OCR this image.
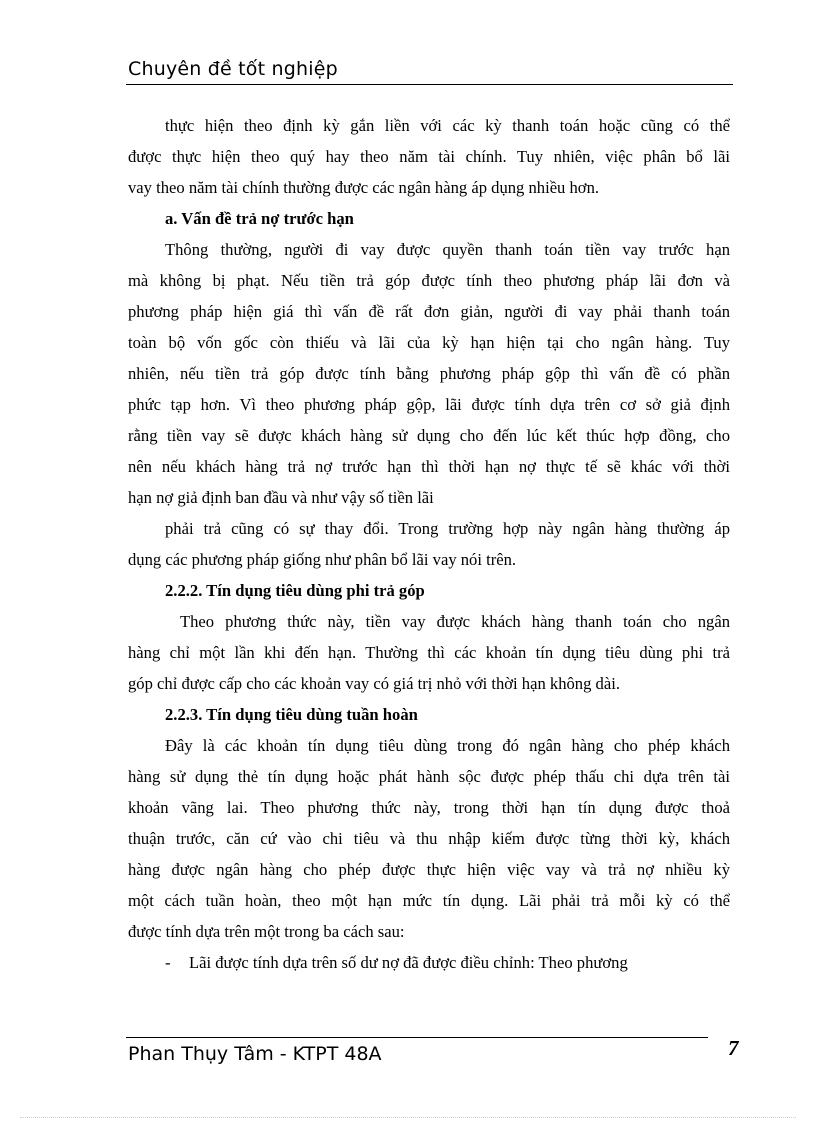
Chuyên đề tốt nghiệp
thực hiện theo định kỳ gắn liền với các kỳ thanh toán hoặc cũng có thể
được thực hiện theo quý hay theo năm tài chính. Tuy nhiên, việc phân bổ lãi
vay theo năm tài chính thường được các ngân hàng áp dụng nhiều hơn.
a. Vấn đề trả nợ trước hạn
Thông thường, người đi vay được quyền thanh toán tiền vay trước hạn
mà không bị phạt. Nếu tiền trả góp được tính theo phương pháp lãi đơn và
phương pháp hiện giá thì vấn đề rất đơn giản, người đi vay phải thanh toán
toàn bộ vốn gốc còn thiếu và lãi của kỳ hạn hiện tại cho ngân hàng. Tuy
nhiên, nếu tiền trả góp được tính bằng phương pháp gộp thì vấn đề có phần
phức tạp hơn. Vì theo phương pháp gộp, lãi được tính dựa trên cơ sở giả định
rằng tiền vay sẽ được khách hàng sử dụng cho đến lúc kết thúc hợp đồng, cho
nên nếu khách hàng trả nợ trước hạn thì thời hạn nợ thực tế sẽ khác với thời
hạn nợ giả định ban đầu và như vậy số tiền lãi
phải trả cũng có sự thay đổi. Trong trường hợp này ngân hàng thường áp
dụng các phương pháp giống như phân bổ lãi vay nói trên.
2.2.2. Tín dụng tiêu dùng phi trả góp
Theo phương thức này, tiền vay được khách hàng thanh toán cho ngân
hàng chỉ một lần khi đến hạn. Thường thì các khoản tín dụng tiêu dùng phi trả
góp chỉ được cấp cho các khoản vay có giá trị nhỏ với thời hạn không dài.
2.2.3. Tín dụng tiêu dùng tuần hoàn
Đây là các khoản tín dụng tiêu dùng trong đó ngân hàng cho phép khách
hàng sử dụng thẻ tín dụng hoặc phát hành sộc được phép thấu chi dựa trên tài
khoản vãng lai. Theo phương thức này, trong thời hạn tín dụng được thoả
thuận trước, căn cứ vào chi tiêu và thu nhập kiếm được từng thời kỳ, khách
hàng được ngân hàng cho phép được thực hiện việc vay và trả nợ nhiều kỳ
một cách tuần hoàn, theo một hạn mức tín dụng. Lãi phải trả mỗi kỳ có thể
được tính dựa trên một trong ba cách sau:
- Lãi được tính dựa trên số dư nợ đã được điều chỉnh: Theo phương
Phan Thụy Tâm - KTPT 48A	7
